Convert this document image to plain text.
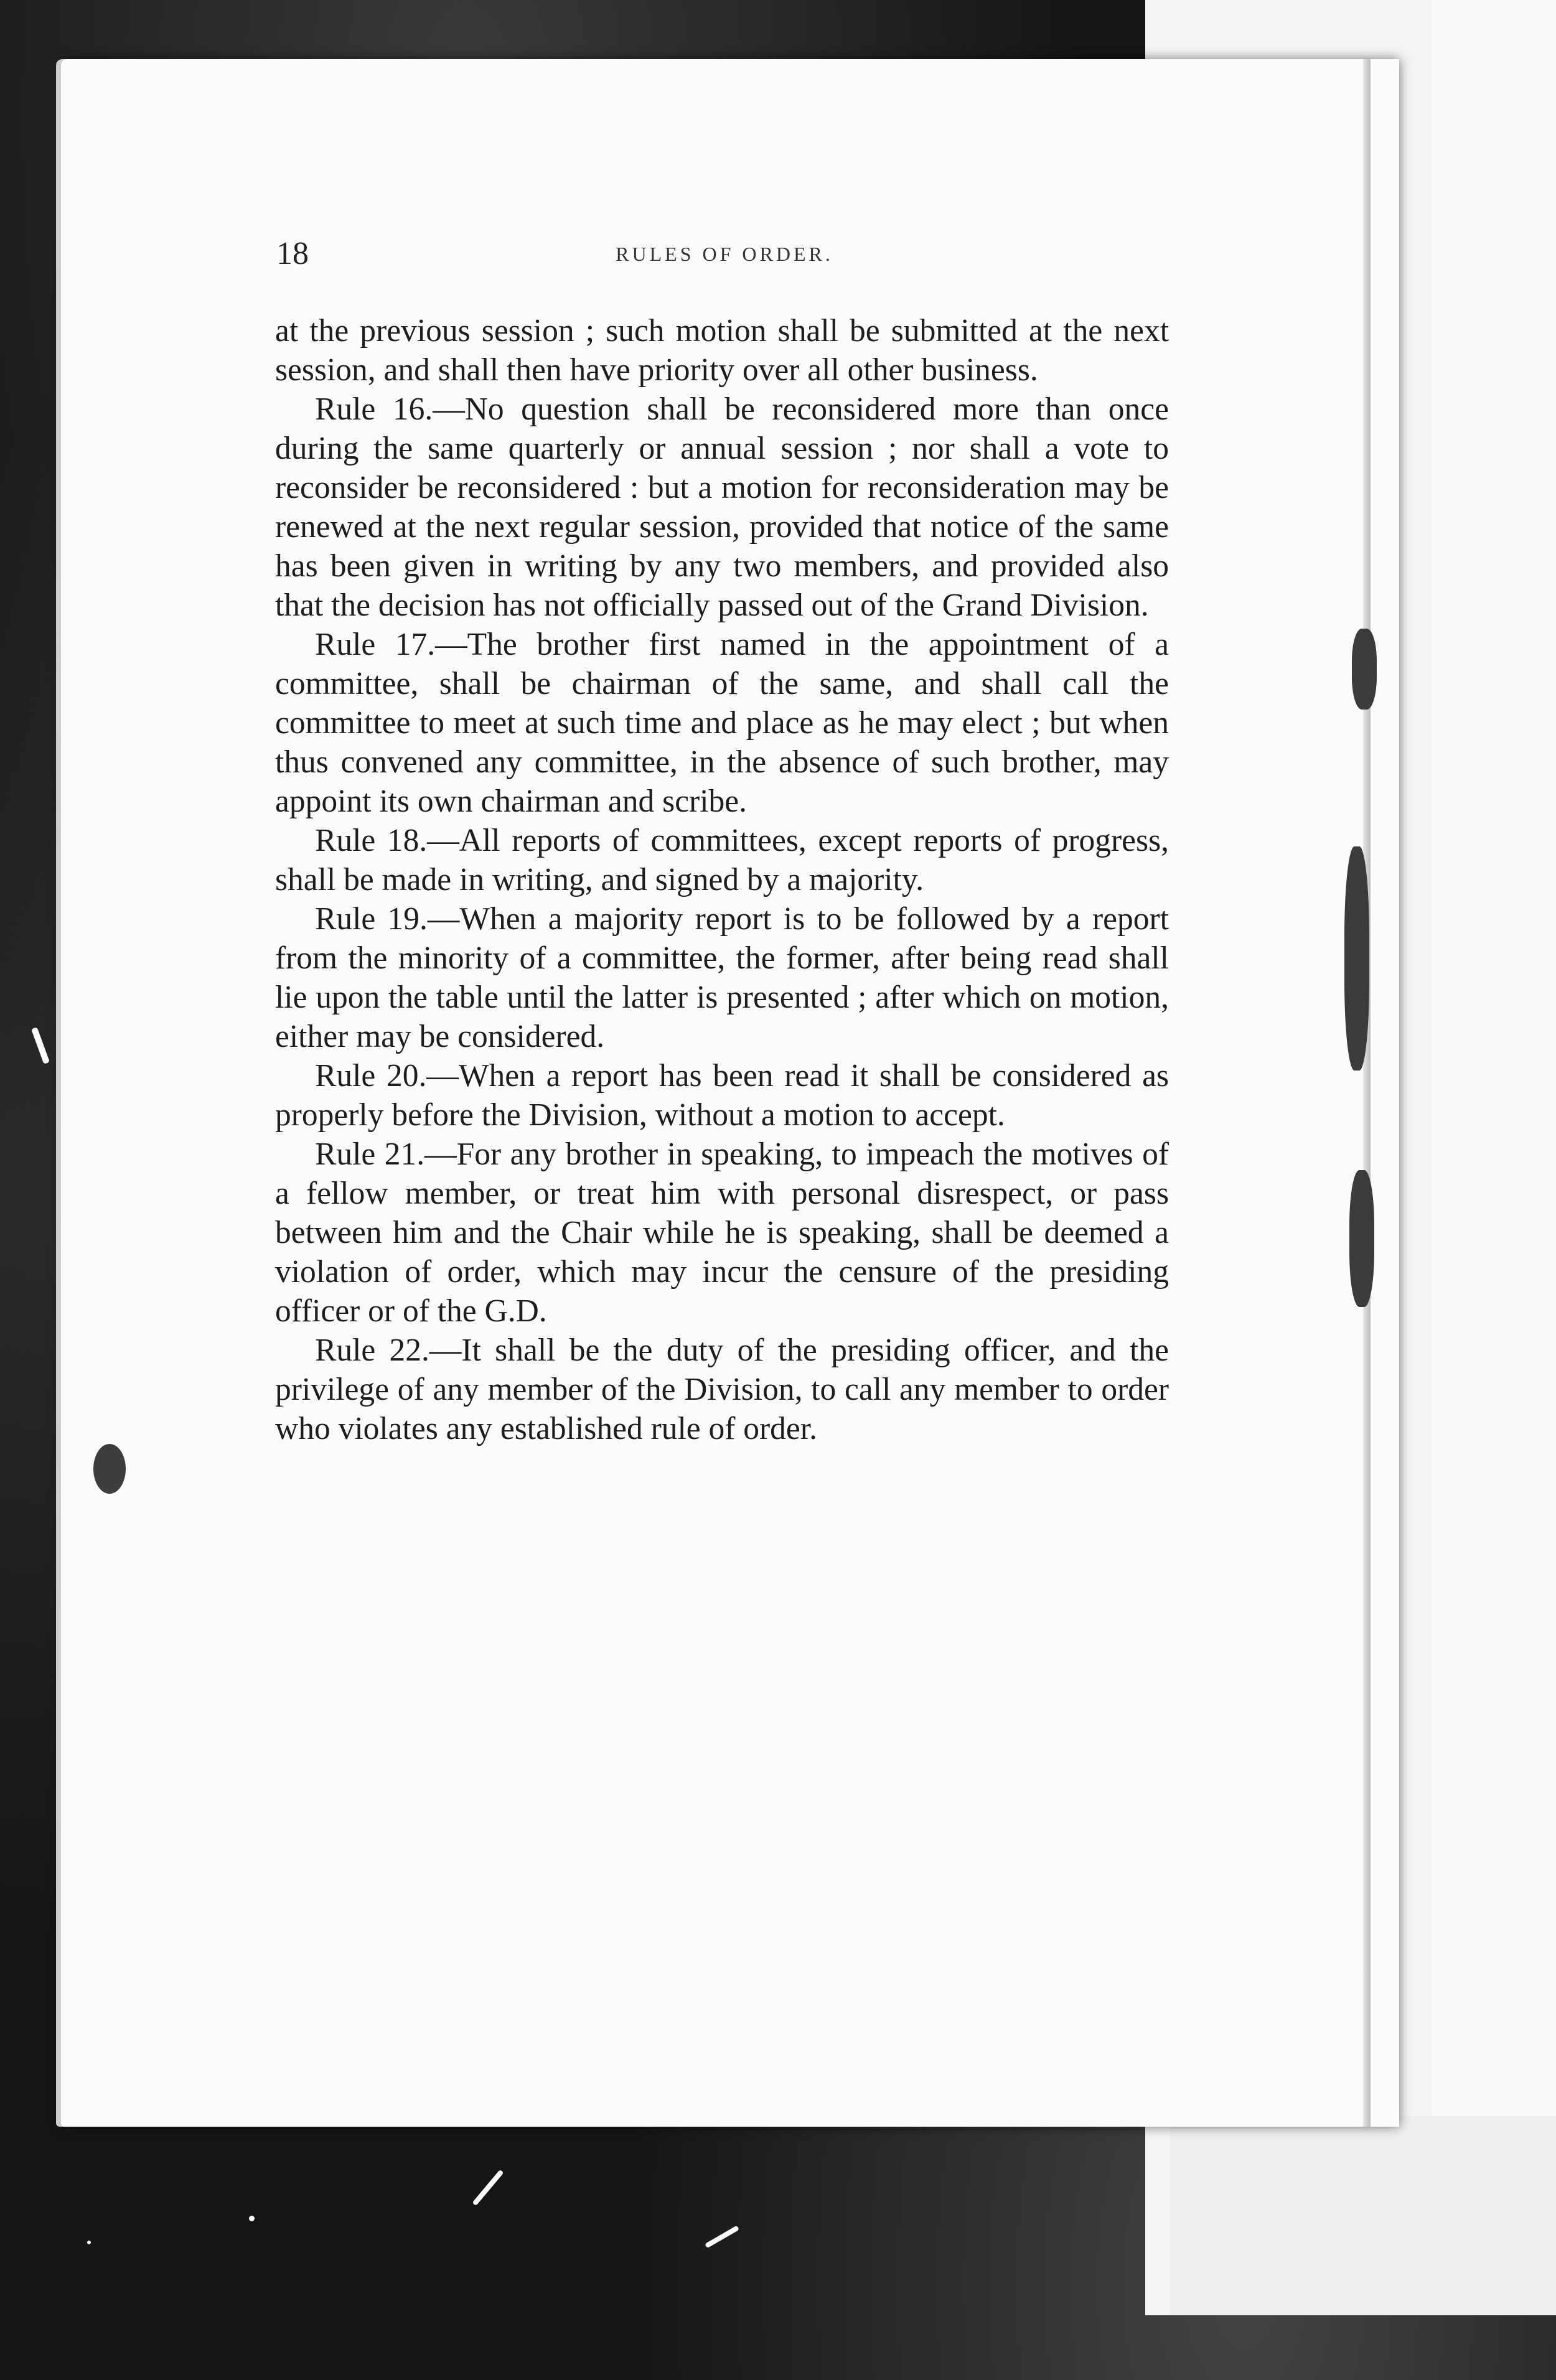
18	RULES OF ORDER.

at the previous session ; such motion shall be submitted at the next session, and shall then have priority over all other business.

Rule 16.—No question shall be reconsidered more than once during the same quarterly or annual session ; nor shall a vote to reconsider be reconsidered : but a motion for reconsideration may be renewed at the next regular session, provided that notice of the same has been given in writing by any two members, and provided also that the decision has not officially passed out of the Grand Division.

Rule 17.—The brother first named in the appointment of a committee, shall be chairman of the same, and shall call the committee to meet at such time and place as he may elect ; but when thus convened any committee, in the absence of such brother, may appoint its own chairman and scribe.

Rule 18.—All reports of committees, except reports of progress, shall be made in writing, and signed by a majority.

Rule 19.—When a majority report is to be followed by a report from the minority of a committee, the former, after being read shall lie upon the table until the latter is presented ; after which on motion, either may be considered.

Rule 20.—When a report has been read it shall be considered as properly before the Division, without a motion to accept.

Rule 21.—For any brother in speaking, to impeach the motives of a fellow member, or treat him with personal disrespect, or pass between him and the Chair while he is speaking, shall be deemed a violation of order, which may incur the censure of the presiding officer or of the G.D.

Rule 22.—It shall be the duty of the presiding officer, and the privilege of any member of the Division, to call any member to order who violates any established rule of order.
